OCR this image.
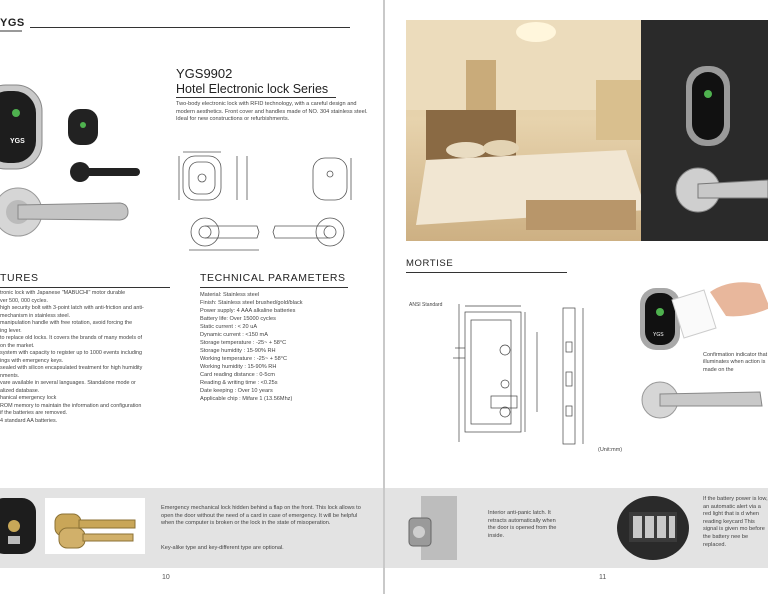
YGS
YGS
YGS9902
Hotel Electronic lock Series
Two-body electronic lock with RFID technology, with a careful design and modern aesthetics. Front cover and handles made of NO. 304 stainless steel. Ideal for new constructions or refurbishments.
TURES	TECHNICAL PARAMETERS

tronic lock with Japanese "MABUCHI" motor durable

ver 500, 000 cycles.

high security bolt with 3-point latch with anti-friction and anti-

mechanism in stainless steel.

manipulation handle with free rotation, avoid forcing the

ing lever.

to replace old locks. It covers the brands of many models of

on the market.

system with capacity to register up to 1000 events including

ings with emergency keys.

sealed with silicon encapsulated treatment for high humidity

nments.

vare available in several languages. Standalone mode or

alized database.

hanical emergency lock

ROM memory to maintain the information and configuration

if the batteries are removed.

4 standard AA batteries.

Material: Stainless steel

Finish: Stainless steel brushed/gold/black

Power supply: 4 AAA alkaline batteries

Battery life: Over 15000 cycles

Static current : < 20 uA

Dynamic current : <150 mA

Storage temperature : -25~ + 58°C

Storage humidity : 15-90% RH

Working temperature : -25~ + 58°C

Working humidity : 15-90% RH

Card reading distance : 0-5cm

Reading & writing time : <0.25s

Date keeping : Over 10 years

Applicable chip : Mifare 1 (13.56Mhz)

Emergency mechanical lock hidden behind a flap on the front. This lock allows to open the door without the need of a card in case of emergency. It will be helpful when the computer is broken or the lock in the state of misoperation.
Key-alike type and key-different type are optional.
10
MORTISE
ANSI Standard
(Unit:mm)
YGS
Confirmation indicator that illuminates when action is made on the
Interior anti-panic latch. It retracts automatically when the door is opened from the inside.
If the battery power is low, an automatic alert via a red light that is d when reading keycard This signal is given mo before the battery nee be replaced.
11
